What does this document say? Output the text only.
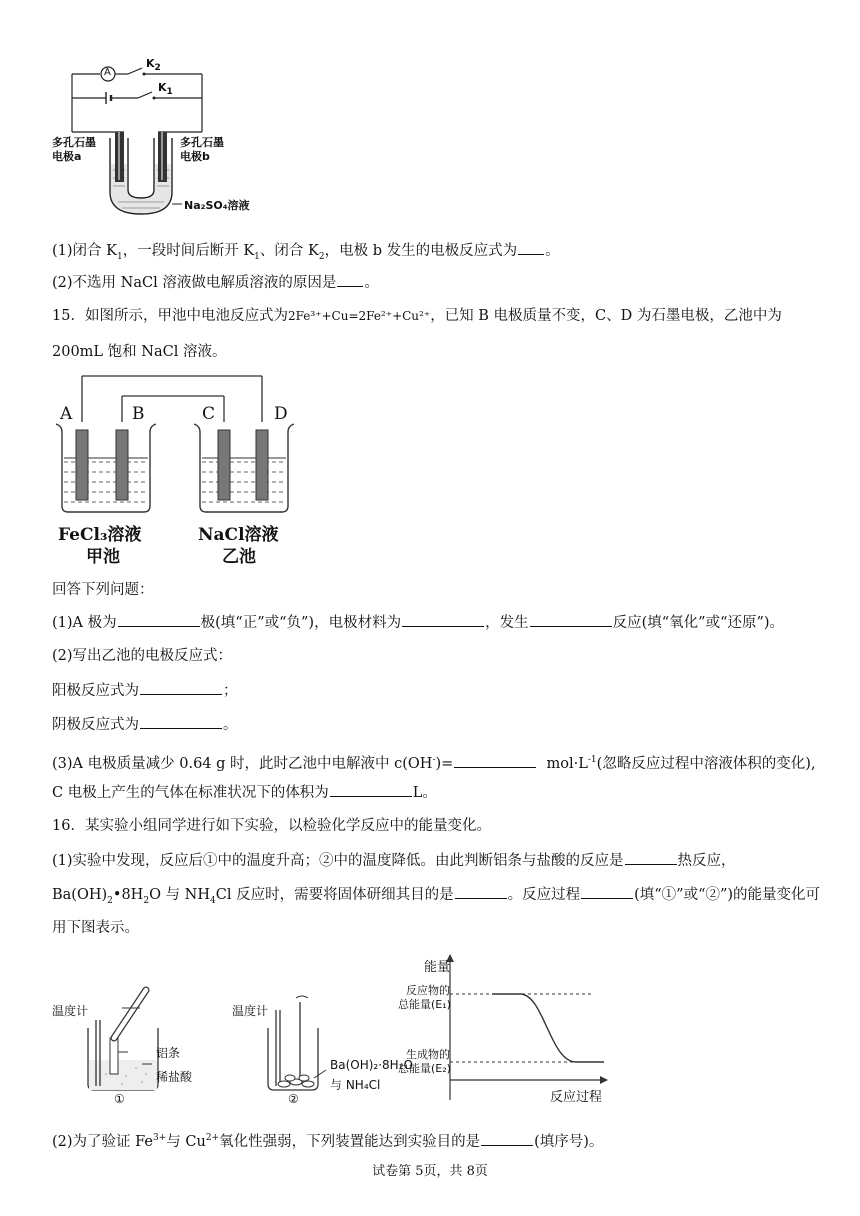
A
$K_2$
$K_1$
多孔石墨
电极a
多孔石墨
电极b
Na₂SO₄溶液
(1)闭合 $K_1$，一段时间后断开 $K_1$、闭合 $K_2$，电极 b 发生的电极反应式为 。
(2)不选用 NaCl 溶液做电解质溶液的原因是 。
15．如图所示，甲池中电池反应式为2Fe³⁺+Cu=2Fe²⁺+Cu²⁺，已知 B 电极质量不变，C、D 为石墨电极，乙池中为
200mL 饱和 NaCl 溶液。
A	B	C	D
FeCl₃溶液
甲池
NaCl溶液
乙池
回答下列问题：
(1)A 极为	极(填“正”或“负”)，电极材料为	，发生	反应(填“氧化”或“还原”)。
(2)写出乙池的电极反应式：
阳极反应式为	；
阴极反应式为	。
(3)A 电极质量减少 0.64 g 时，此时乙池中电解液中 c(OH-)=	$mol\cdot L^{-1}$(忽略反应过程中溶液体积的变化),
C 电极上产生的气体在标准状况下的体积为	L。
16．某实验小组同学进行如下实验，以检验化学反应中的能量变化。
(1)实验中发现，反应后①中的温度升高；②中的温度降低。由此判断铝条与盐酸的反应是	热反应，
$Ba(OH)_2•8H_2O$ 与 $NH_4Cl$ 反应时，需要将固体研细其目的是	。反应过程	(填“①”或“②”)的能量变化可
用下图表示。
温度计
铝条
稀盐酸
①
温度计
Ba(OH)₂·8H₂O
与 NH₄Cl
②
能量
反应过程
反应物的
总能量(E₁)
生成物的
总能量(E₂)
(2)为了验证 $Fe^{3+}$与 $Cu^{2+}$氧化性强弱，下列装置能达到实验目的是	(填序号)。
试卷第 5页，共 8页
